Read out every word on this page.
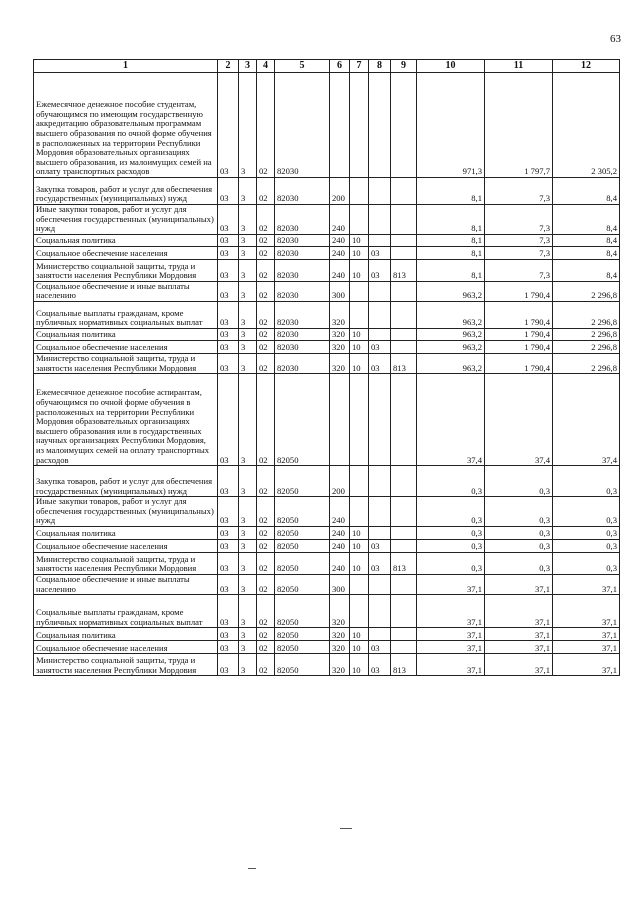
63
1	2	3	4	5	6	7	8	9	10	11	12
Ежемесячное денежное пособие студентам, обучающимся по имеющим государственную аккредитацию образовательным программам высшего образования по очной форме обучения в расположенных на территории Республики Мордовия образовательных организациях высшего образования, из малоимущих семей на оплату транспортных расходов	03	3	02	82030					971,3	1 797,7	2 305,2
Закупка товаров, работ и услуг для обеспечения государственных (муниципальных) нужд	03	3	02	82030	200				8,1	7,3	8,4
Иные закупки товаров, работ и услуг для обеспечения государственных (муниципальных) нужд	03	3	02	82030	240				8,1	7,3	8,4
Социальная политика	03	3	02	82030	240	10			8,1	7,3	8,4
Социальное обеспечение населения	03	3	02	82030	240	10	03		8,1	7,3	8,4
Министерство социальной защиты, труда и занятости населения Республики Мордовия	03	3	02	82030	240	10	03	813	8,1	7,3	8,4
Социальное обеспечение и иные выплаты населению	03	3	02	82030	300				963,2	1 790,4	2 296,8
Социальные выплаты гражданам, кроме публичных нормативных социальных выплат	03	3	02	82030	320				963,2	1 790,4	2 296,8
Социальная политика	03	3	02	82030	320	10			963,2	1 790,4	2 296,8
Социальное обеспечение населения	03	3	02	82030	320	10	03		963,2	1 790,4	2 296,8
Министерство социальной защиты, труда и занятости населения Республики Мордовия	03	3	02	82030	320	10	03	813	963,2	1 790,4	2 296,8
Ежемесячное денежное пособие аспирантам, обучающимся по очной форме обучения в расположенных на территории Республики Мордовия образовательных организациях высшего образования или в государственных научных организациях Республики Мордовия, из малоимущих семей на оплату транспортных расходов	03	3	02	82050					37,4	37,4	37,4
Закупка товаров, работ и услуг для обеспечения государственных (муниципальных) нужд	03	3	02	82050	200				0,3	0,3	0,3
Иные закупки товаров, работ и услуг для обеспечения государственных (муниципальных) нужд	03	3	02	82050	240				0,3	0,3	0,3
Социальная политика	03	3	02	82050	240	10			0,3	0,3	0,3
Социальное обеспечение населения	03	3	02	82050	240	10	03		0,3	0,3	0,3
Министерство социальной защиты, труда и занятости населения Республики Мордовия	03	3	02	82050	240	10	03	813	0,3	0,3	0,3
Социальное обеспечение и иные выплаты населению	03	3	02	82050	300				37,1	37,1	37,1
Социальные выплаты гражданам, кроме публичных нормативных социальных выплат	03	3	02	82050	320				37,1	37,1	37,1
Социальная политика	03	3	02	82050	320	10			37,1	37,1	37,1
Социальное обеспечение населения	03	3	02	82050	320	10	03		37,1	37,1	37,1
Министерство социальной защиты, труда и занятости населения Республики Мордовия	03	3	02	82050	320	10	03	813	37,1	37,1	37,1
